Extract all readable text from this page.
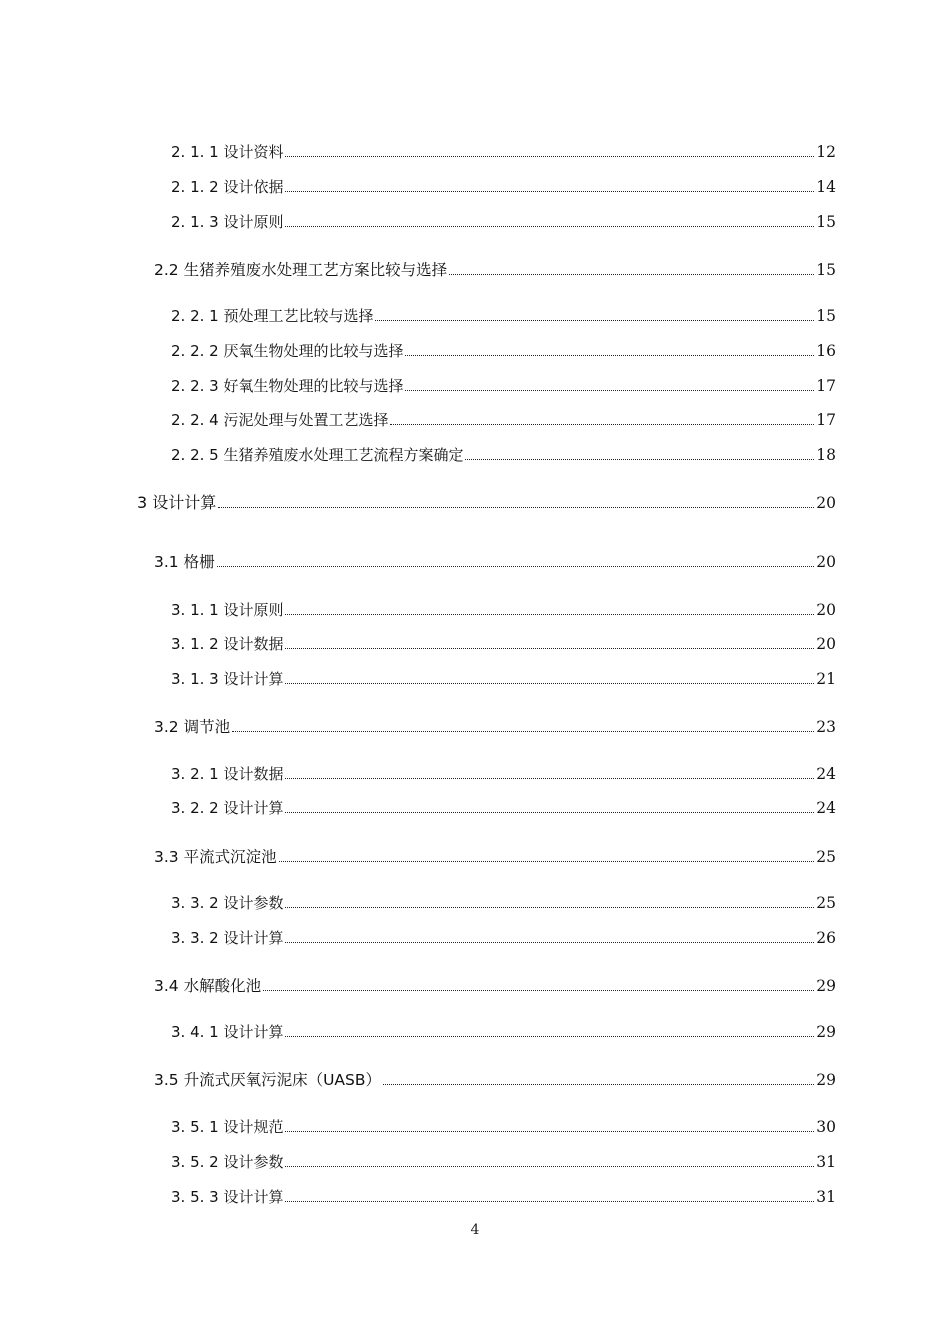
2. 1. 1 设计资料	12
2. 1. 2 设计依据	14
2. 1. 3 设计原则	15
2.2 生猪养殖废水处理工艺方案比较与选择	15
2. 2. 1 预处理工艺比较与选择	15
2. 2. 2 厌氧生物处理的比较与选择	16
2. 2. 3 好氧生物处理的比较与选择	17
2. 2. 4 污泥处理与处置工艺选择	17
2. 2. 5 生猪养殖废水处理工艺流程方案确定	18
3 设计计算	20
3.1 格栅	20
3. 1. 1 设计原则	20
3. 1. 2 设计数据	20
3. 1. 3 设计计算	21
3.2 调节池	23
3. 2. 1 设计数据	24
3. 2. 2 设计计算	24
3.3 平流式沉淀池	25
3. 3. 2 设计参数	25
3. 3. 2 设计计算	26
3.4 水解酸化池	29
3. 4. 1 设计计算	29
3.5 升流式厌氧污泥床（UASB）	29
3. 5. 1 设计规范	30
3. 5. 2 设计参数	31
3. 5. 3 设计计算	31
4
